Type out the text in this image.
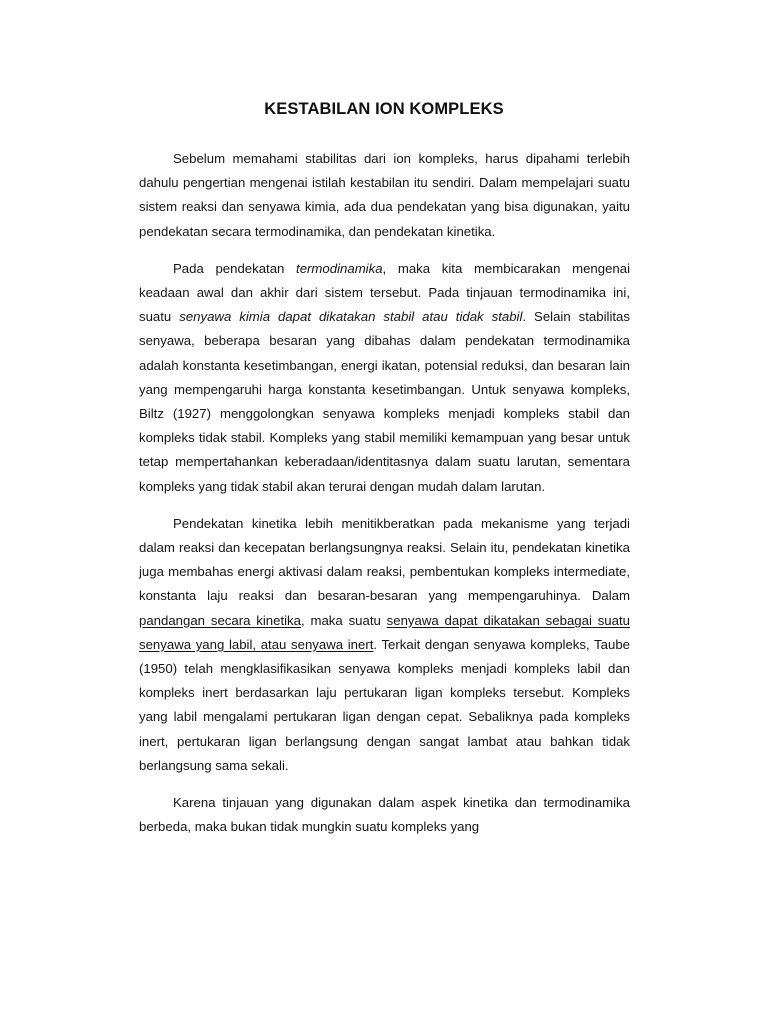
KESTABILAN ION KOMPLEKS

Sebelum memahami stabilitas dari ion kompleks, harus dipahami terlebih dahulu pengertian mengenai istilah kestabilan itu sendiri. Dalam mempelajari suatu sistem reaksi dan senyawa kimia, ada dua pendekatan yang bisa digunakan, yaitu pendekatan secara termodinamika, dan pendekatan kinetika.

Pada pendekatan termodinamika, maka kita membicarakan mengenai keadaan awal dan akhir dari sistem tersebut. Pada tinjauan termodinamika ini, suatu senyawa kimia dapat dikatakan stabil atau tidak stabil. Selain stabilitas senyawa, beberapa besaran yang dibahas dalam pendekatan termodinamika adalah konstanta kesetimbangan, energi ikatan, potensial reduksi, dan besaran lain yang mempengaruhi harga konstanta kesetimbangan. Untuk senyawa kompleks, Biltz (1927) menggolongkan senyawa kompleks menjadi kompleks stabil dan kompleks tidak stabil. Kompleks yang stabil memiliki kemampuan yang besar untuk tetap mempertahankan keberadaan/identitasnya dalam suatu larutan, sementara kompleks yang tidak stabil akan terurai dengan mudah dalam larutan.

Pendekatan kinetika lebih menitikberatkan pada mekanisme yang terjadi dalam reaksi dan kecepatan berlangsungnya reaksi. Selain itu, pendekatan kinetika juga membahas energi aktivasi dalam reaksi, pembentukan kompleks intermediate, konstanta laju reaksi dan besaran-besaran yang mempengaruhinya. Dalam pandangan secara kinetika, maka suatu senyawa dapat dikatakan sebagai suatu senyawa yang labil, atau senyawa inert. Terkait dengan senyawa kompleks, Taube (1950) telah mengklasifikasikan senyawa kompleks menjadi kompleks labil dan kompleks inert berdasarkan laju pertukaran ligan kompleks tersebut. Kompleks yang labil mengalami pertukaran ligan dengan cepat. Sebaliknya pada kompleks inert, pertukaran ligan berlangsung dengan sangat lambat atau bahkan tidak berlangsung sama sekali.

Karena tinjauan yang digunakan dalam aspek kinetika dan termodinamika berbeda, maka bukan tidak mungkin suatu kompleks yang
